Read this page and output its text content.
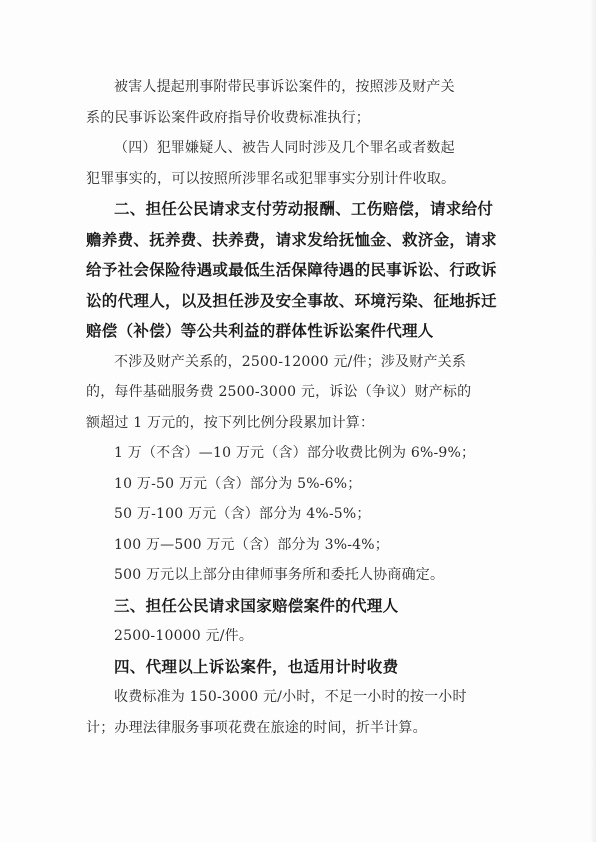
被害人提起刑事附带民事诉讼案件的，按照涉及财产关
系的民事诉讼案件政府指导价收费标准执行；
（四）犯罪嫌疑人、被告人同时涉及几个罪名或者数起
犯罪事实的，可以按照所涉罪名或犯罪事实分别计件收取。
二、担任公民请求支付劳动报酬、工伤赔偿，请求给付
赡养费、抚养费、扶养费，请求发给抚恤金、救济金，请求
给予社会保险待遇或最低生活保障待遇的民事诉讼、行政诉
讼的代理人，以及担任涉及安全事故、环境污染、征地拆迁
赔偿（补偿）等公共利益的群体性诉讼案件代理人
不涉及财产关系的，2500-12000 元/件；涉及财产关系
的，每件基础服务费 2500-3000 元，诉讼（争议）财产标的
额超过 1 万元的，按下列比例分段累加计算：
1 万（不含）—10 万元（含）部分收费比例为 6%-9%；
10 万-50 万元（含）部分为 5%-6%；
50 万-100 万元（含）部分为 4%-5%；
100 万—500 万元（含）部分为 3%-4%；
500 万元以上部分由律师事务所和委托人协商确定。
三、担任公民请求国家赔偿案件的代理人
2500-10000 元/件。
四、代理以上诉讼案件，也适用计时收费
收费标准为 150-3000 元/小时，不足一小时的按一小时
计；办理法律服务事项花费在旅途的时间，折半计算。
